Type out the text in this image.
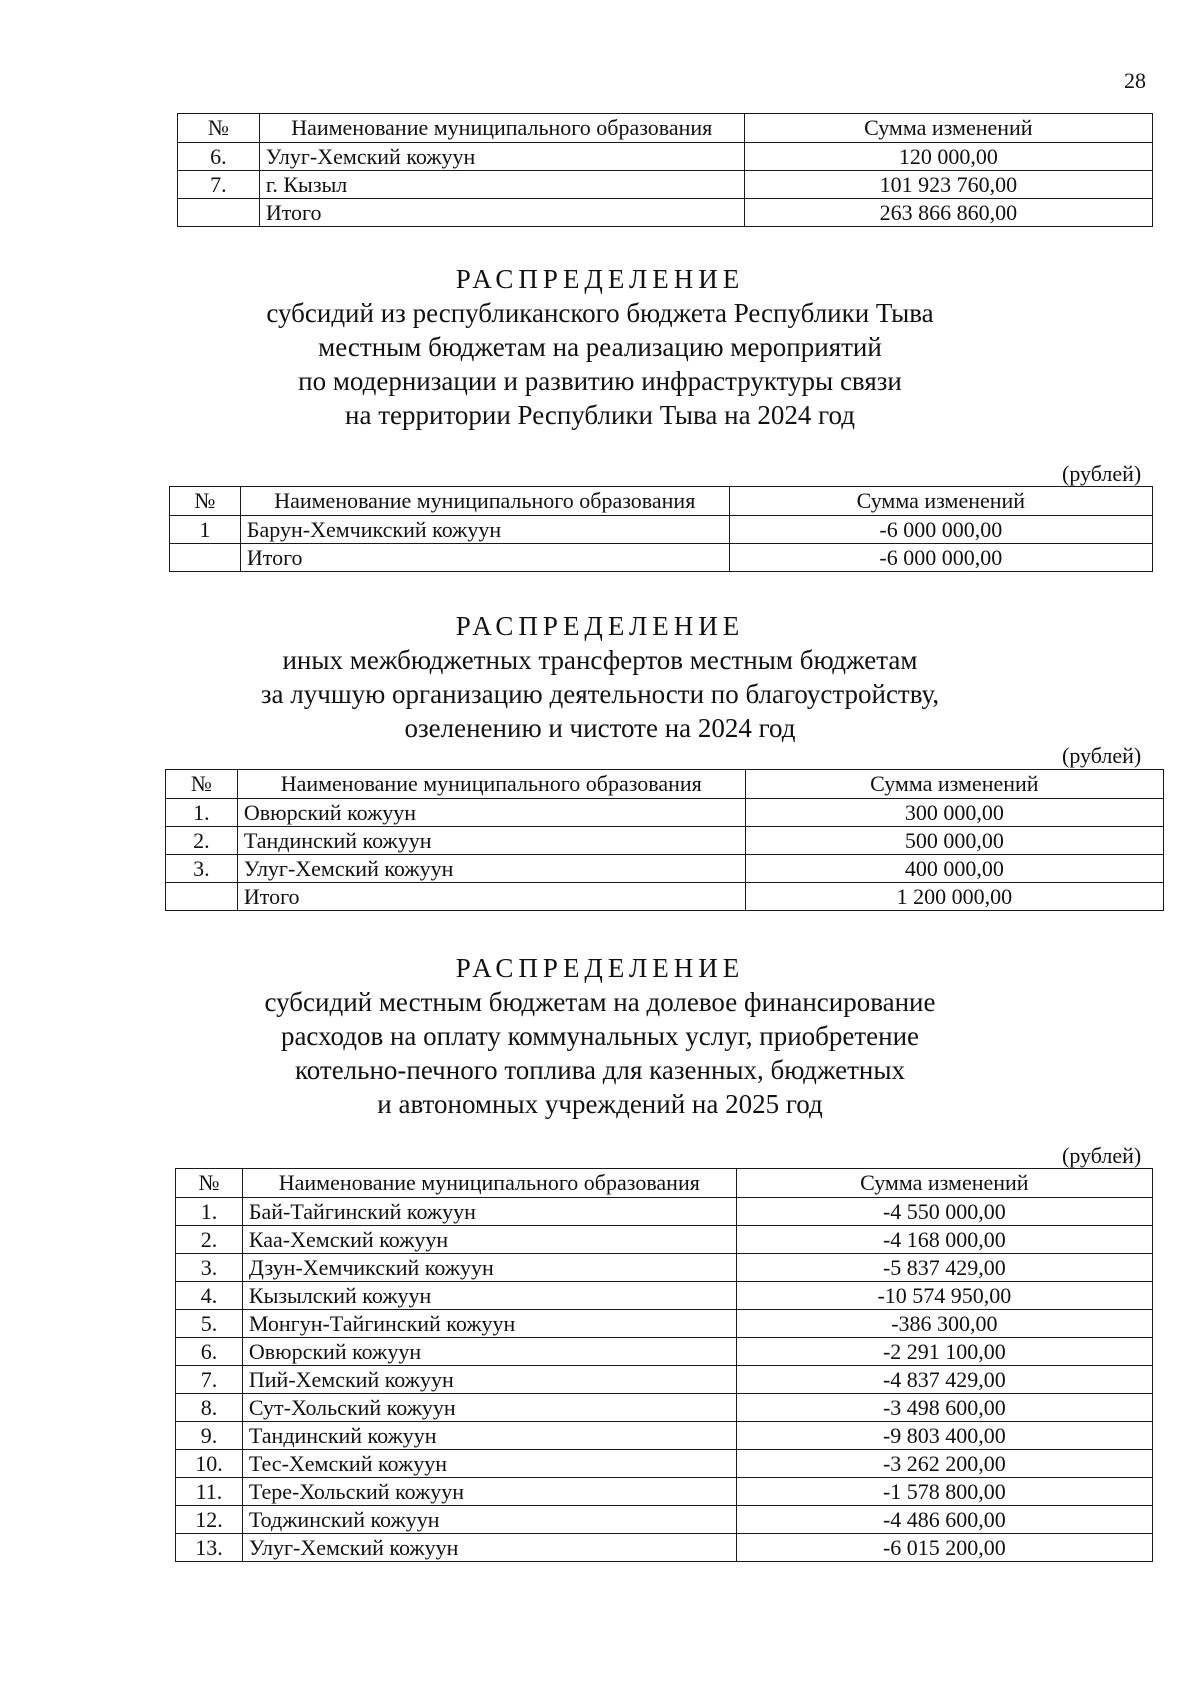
28
№	Наименование муниципального образования	Сумма изменений
6.	Улуг-Хемский кожуун	120 000,00
7.	г. Кызыл	101 923 760,00
	Итого	263 866 860,00
РАСПРЕДЕЛЕНИЕ
субсидий из республиканского бюджета Республики Тыва
местным бюджетам на реализацию мероприятий
по модернизации и развитию инфраструктуры связи
на территории Республики Тыва на 2024 год
(рублей)
№	Наименование муниципального образования	Сумма изменений
1	Барун-Хемчикский кожуун	-6 000 000,00
	Итого	-6 000 000,00
РАСПРЕДЕЛЕНИЕ
иных межбюджетных трансфертов местным бюджетам
за лучшую организацию деятельности по благоустройству,
озеленению и чистоте на 2024 год
(рублей)
№	Наименование муниципального образования	Сумма изменений
1.	Овюрский кожуун	300 000,00
2.	Тандинский кожуун	500 000,00
3.	Улуг-Хемский кожуун	400 000,00
	Итого	1 200 000,00
РАСПРЕДЕЛЕНИЕ
субсидий местным бюджетам на долевое финансирование
расходов на оплату коммунальных услуг, приобретение
котельно-печного топлива для казенных, бюджетных
и автономных учреждений на 2025 год
(рублей)
№	Наименование муниципального образования	Сумма изменений
1.	Бай-Тайгинский кожуун	-4 550 000,00
2.	Каа-Хемский кожуун	-4 168 000,00
3.	Дзун-Хемчикский кожуун	-5 837 429,00
4.	Кызылский кожуун	-10 574 950,00
5.	Монгун-Тайгинский кожуун	-386 300,00
6.	Овюрский кожуун	-2 291 100,00
7.	Пий-Хемский кожуун	-4 837 429,00
8.	Сут-Хольский кожуун	-3 498 600,00
9.	Тандинский кожуун	-9 803 400,00
10.	Тес-Хемский кожуун	-3 262 200,00
11.	Тере-Хольский кожуун	-1 578 800,00
12.	Тоджинский кожуун	-4 486 600,00
13.	Улуг-Хемский кожуун	-6 015 200,00
